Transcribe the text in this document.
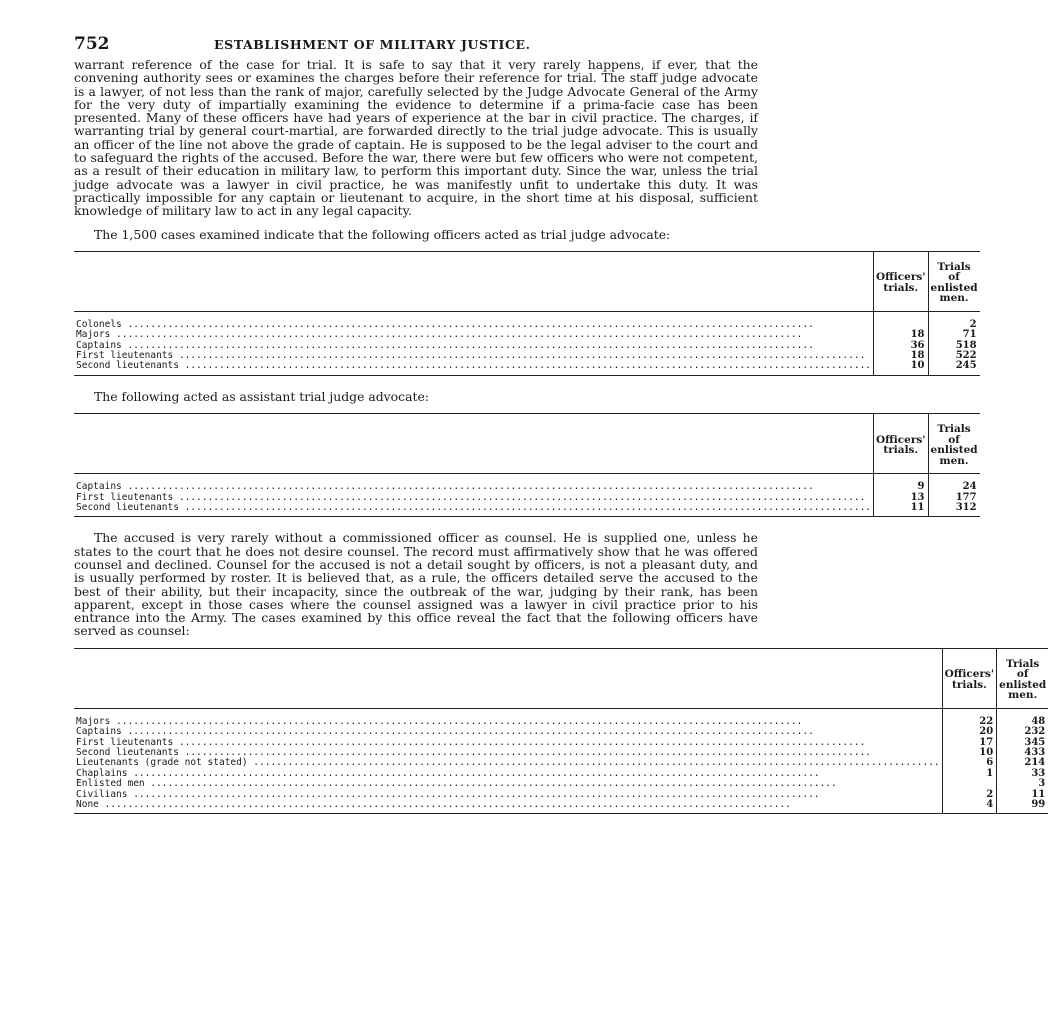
752	ESTABLISHMENT OF MILITARY JUSTICE.

warrant reference of the case for trial. It is safe to say that it very rarely happens, if ever, that the convening authority sees or examines the charges before their reference for trial. The staff judge advocate is a lawyer, of not less than the rank of major, carefully selected by the Judge Advocate General of the Army for the very duty of impartially examining the evidence to determine if a prima-facie case has been presented. Many of these officers have had years of experience at the bar in civil practice. The charges, if warranting trial by general court-martial, are forwarded directly to the trial judge advocate. This is usually an officer of the line not above the grade of captain. He is supposed to be the legal adviser to the court and to safeguard the rights of the accused. Before the war, there were but few officers who were not competent, as a result of their education in military law, to perform this important duty. Since the war, unless the trial judge advocate was a lawyer in civil practice, he was manifestly unfit to undertake this duty. It was practically impossible for any captain or lieutenant to acquire, in the short time at his disposal, sufficient knowledge of military law to act in any legal capacity.

The 1,500 cases examined indicate that the following officers acted as trial judge advocate:

	Officers' trials.	Trials of enlisted men.
Colonels ........................................................................................................................		2
Majors ........................................................................................................................	18	71
Captains ........................................................................................................................	36	518
First lieutenants ........................................................................................................................	18	522
Second lieutenants ........................................................................................................................	10	245

The following acted as assistant trial judge advocate:

	Officers' trials.	Trials of enlisted men.
Captains ........................................................................................................................	9	24
First lieutenants ........................................................................................................................	13	177
Second lieutenants ........................................................................................................................	11	312

The accused is very rarely without a commissioned officer as counsel. He is supplied one, unless he states to the court that he does not desire counsel. The record must affirmatively show that he was offered counsel and declined. Counsel for the accused is not a detail sought by officers, is not a pleasant duty, and is usually performed by roster. It is believed that, as a rule, the officers detailed serve the accused to the best of their ability, but their incapacity, since the outbreak of the war, judging by their rank, has been apparent, except in those cases where the counsel assigned was a lawyer in civil practice prior to his entrance into the Army. The cases examined by this office reveal the fact that the following officers have served as counsel:

	Officers' trials.	Trials of enlisted men.
Majors ........................................................................................................................	22	48
Captains ........................................................................................................................	20	232
First lieutenants ........................................................................................................................	17	345
Second lieutenants ........................................................................................................................	10	433
Lieutenants (grade not stated) ........................................................................................................................	6	214
Chaplains ........................................................................................................................	1	33
Enlisted men ........................................................................................................................		3
Civilians ........................................................................................................................	2	11
None ........................................................................................................................	4	99
